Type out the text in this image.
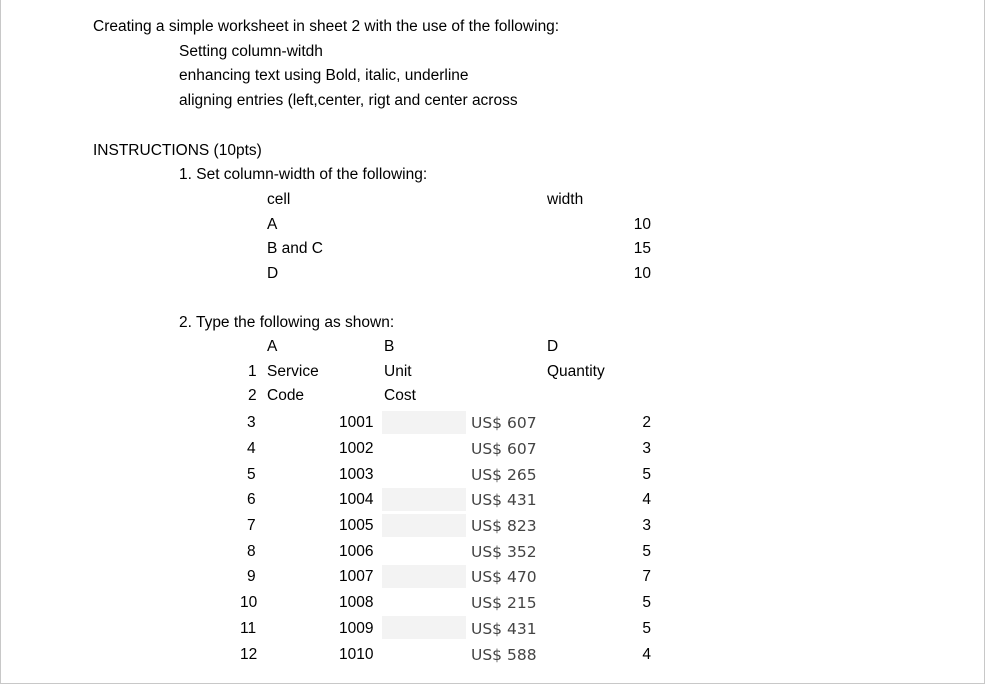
Creating a simple worksheet in sheet 2 with the use of the following:
Setting column-witdh
enhancing text using Bold, italic, underline
aligning entries (left,center, rigt and center across
INSTRUCTIONS (10pts)
1. Set column-width of the following:
cell	width
A	10
B and C	15
D	10
2. Type the following as shown:
A	B	D
1 Service	Unit	Quantity
2 Code	Cost
3	1001	US$ 607	2
4	1002	US$ 607	3
5	1003	US$ 265	5
6	1004	US$ 431	4
7	1005	US$ 823	3
8	1006	US$ 352	5
9	1007	US$ 470	7
10	1008	US$ 215	5
11	1009	US$ 431	5
12	1010	US$ 588	4
